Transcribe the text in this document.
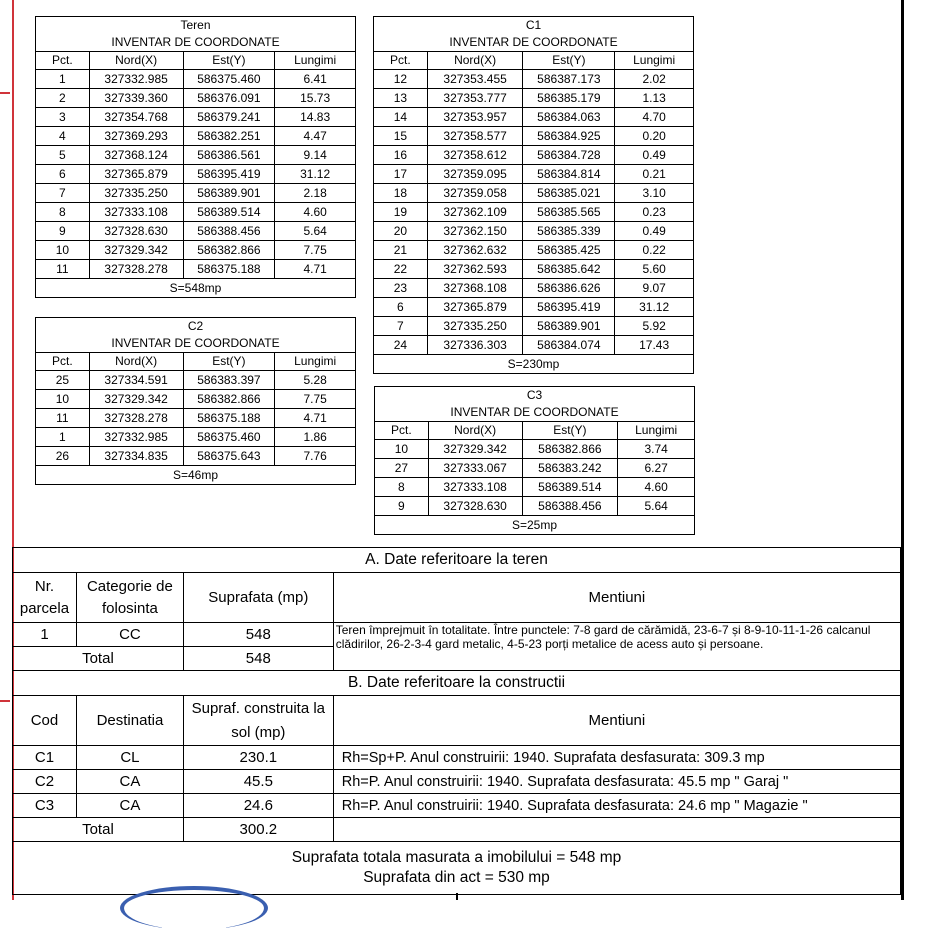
Teren			
INVENTAR DE COORDONATE			
Pct.	Nord(X)	Est(Y)	Lungimi
1	327332.985	586375.460	6.41
2	327339.360	586376.091	15.73
3	327354.768	586379.241	14.83
4	327369.293	586382.251	4.47
5	327368.124	586386.561	9.14
6	327365.879	586395.419	31.12
7	327335.250	586389.901	2.18
8	327333.108	586389.514	4.60
9	327328.630	586388.456	5.64
10	327329.342	586382.866	7.75
11	327328.278	586375.188	4.71
S=548mp			
C1			
INVENTAR DE COORDONATE			
Pct.	Nord(X)	Est(Y)	Lungimi
12	327353.455	586387.173	2.02
13	327353.777	586385.179	1.13
14	327353.957	586384.063	4.70
15	327358.577	586384.925	0.20
16	327358.612	586384.728	0.49
17	327359.095	586384.814	0.21
18	327359.058	586385.021	3.10
19	327362.109	586385.565	0.23
20	327362.150	586385.339	0.49
21	327362.632	586385.425	0.22
22	327362.593	586385.642	5.60
23	327368.108	586386.626	9.07
6	327365.879	586395.419	31.12
7	327335.250	586389.901	5.92
24	327336.303	586384.074	17.43
S=230mp			
C2			
INVENTAR DE COORDONATE			
Pct.	Nord(X)	Est(Y)	Lungimi
25	327334.591	586383.397	5.28
10	327329.342	586382.866	7.75
11	327328.278	586375.188	4.71
1	327332.985	586375.460	1.86
26	327334.835	586375.643	7.76
S=46mp			
C3			
INVENTAR DE COORDONATE			
Pct.	Nord(X)	Est(Y)	Lungimi
10	327329.342	586382.866	3.74
27	327333.067	586383.242	6.27
8	327333.108	586389.514	4.60
9	327328.630	586388.456	5.64
S=25mp			
A. Date referitoare la teren			
Nr. parcela	Categorie de folosinta	Suprafata (mp)	Mentiuni
1	CC	548	Teren împrejmuit în totalitate. Între punctele: 7-8 gard de cărămidă, 23-6-7 și 8-9-10-11-1-26 calcanul clădirilor, 26-2-3-4 gard metalic, 4-5-23 porți metalice de acess auto și persoane.
Total		548	
B. Date referitoare la constructii			
Cod	Destinatia	Supraf. construita la sol (mp)	Mentiuni
C1	CL	230.1	Rh=Sp+P. Anul construirii: 1940. Suprafata desfasurata: 309.3 mp
C2	CA	45.5	Rh=P. Anul construirii: 1940. Suprafata desfasurata: 45.5 mp " Garaj "
C3	CA	24.6	Rh=P. Anul construirii: 1940. Suprafata desfasurata: 24.6 mp " Magazie "
Total		300.2	

Suprafata totala masurata a imobilului = 548 mp
Suprafata din act = 530 mp			
